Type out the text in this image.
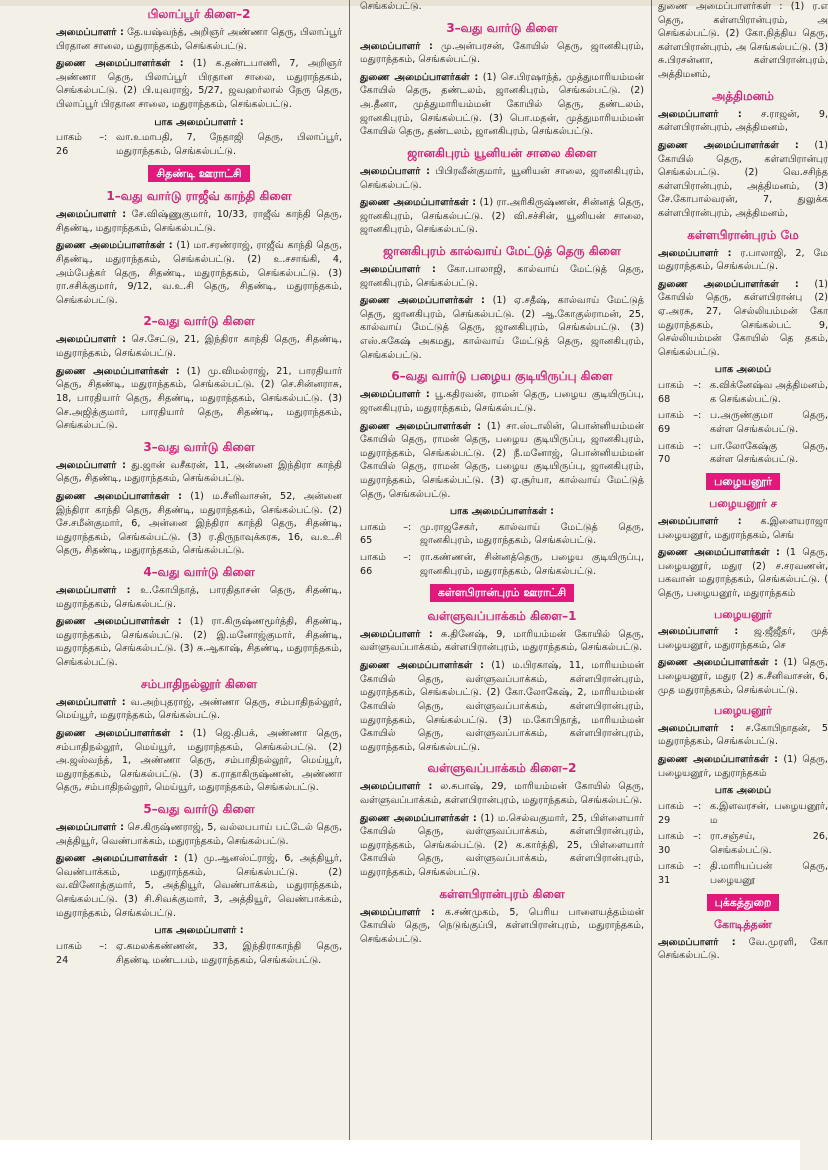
பிலாப்பூர் கிளை–2

அமைப்பாளர் : தே.யஷ்வந்த், அறிஞர் அண்ணா தெரு, பிலாப்பூர் பிரதான சாலை, மதுராந்தகம், செங்கல்பட்டு.

துணை அமைப்பாளர்கள் : (1) க.தண்டபாணி, 7, அறிஞர் அண்ணா தெரு, பிலாப்பூர் பிரதான சாலை, மதுராந்தகம், செங்கல்பட்டு. (2) பி.யுவராஜ், 5/27, ஜவஹர்லால் நேரு தெரு, பிலாப்பூர் பிரதான சாலை, மதுராந்தகம், செங்கல்பட்டு.

பாக அமைப்பாளர் :
பாகம் – 26
: வா.உமாபதி, 7, நேதாஜி தெரு, பிலாப்பூர், மதுராந்தகம், செங்கல்பட்டு.
சிதண்டி ஊராட்சி
1–வது வார்டு ராஜீவ் காந்தி கிளை

அமைப்பாளர் : சே.விஷ்ணுகுமார், 10/33, ராஜீவ் காந்தி தெரு, சிதண்டி, மதுராந்தகம், செங்கல்பட்டு.

துணை அமைப்பாளர்கள் : (1) மா.சரண்ராஜ், ராஜீவ் காந்தி தெரு, சிதண்டி, மதுராந்தகம், செங்கல்பட்டு. (2) உ.சசாங்கி, 4, அம்பேத்கர் தெரு, சிதண்டி, மதுராந்தகம், செங்கல்பட்டு. (3) ரா.சசிக்குமார், 9/12, வ.உ.சி தெரு, சிதண்டி, மதுராந்தகம், செங்கல்பட்டு.

2–வது வார்டு கிளை

அமைப்பாளர் : செ.சேட்டு, 21, இந்திரா காந்தி தெரு, சிதண்டி, மதுராந்தகம், செங்கல்பட்டு.

துணை அமைப்பாளர்கள் : (1) மு.விமல்ராஜ், 21, பாரதியார் தெரு, சிதண்டி, மதுராந்தகம், செங்கல்பட்டு. (2) செ.சின்னராசு, 18, பாரதியார் தெரு, சிதண்டி, மதுராந்தகம், செங்கல்பட்டு. (3) செ.அஜித்குமார், பாரதியார் தெரு, சிதண்டி, மதுராந்தகம், செங்கல்பட்டு.

3–வது வார்டு கிளை

அமைப்பாளர் : து.ஜான் வசீகரன், 11, அன்னை இந்திரா காந்தி தெரு, சிதண்டி, மதுராந்தகம், செங்கல்பட்டு.

துணை அமைப்பாளர்கள் : (1) ம.சீனிவாசன், 52, அன்னை இந்திரா காந்தி தெரு, சிதண்டி, மதுராந்தகம், செங்கல்பட்டு. (2) சே.சமீன்குமார், 6, அன்னை இந்திரா காந்தி தெரு, சிதண்டி, மதுராந்தகம், செங்கல்பட்டு. (3) ர.திருநாவுக்கரசு, 16, வ.உ.சி தெரு, சிதண்டி, மதுராந்தகம், செங்கல்பட்டு.

4–வது வார்டு கிளை

அமைப்பாளர் : உ.கோபிநாத், பாரதிதாசன் தெரு, சிதண்டி, மதுராந்தகம், செங்கல்பட்டு.

துணை அமைப்பாளர்கள் : (1) ரா.கிருஷ்ணமூர்த்தி, சிதண்டி, மதுராந்தகம், செங்கல்பட்டு. (2) இ.மனோஜ்குமார், சிதண்டி, மதுராந்தகம், செங்கல்பட்டு. (3) சு.ஆகாஷ், சிதண்டி, மதுராந்தகம், செங்கல்பட்டு.

சம்பாதிநல்லூர் கிளை

அமைப்பாளர் : வ.அற்புதராஜ், அண்ணா தெரு, சம்பாதிநல்லூர், மெய்யூர், மதுராந்தகம், செங்கல்பட்டு.

துணை அமைப்பாளர்கள் : (1) ஜெ.திபக், அண்ணா தெரு, சம்பாதிநல்லூர், மெய்யூர், மதுராந்தகம், செங்கல்பட்டு. (2) அ.ஜஸ்வந்த், 1, அண்ணா தெரு, சம்பாதிநல்லூர், மெய்யூர், மதுராந்தகம், செங்கல்பட்டு. (3) க.ராதாகிருஷ்ணன், அண்ணா தெரு, சம்பாதிநல்லூர், மெய்யூர், மதுராந்தகம், செங்கல்பட்டு.

5–வது வார்டு கிளை

அமைப்பாளர் : செ.கிருஷ்ணராஜ், 5, வல்லபபாய் பட்டேல் தெரு, அத்தியூர், வெண்பாக்கம், மதுராந்தகம், செங்கல்பட்டு.

துணை அமைப்பாளர்கள் : (1) மு.ஆனஸ்ட்ராஜ், 6, அத்தியூர், வெண்பாக்கம், மதுராந்தகம், செங்கல்பட்டு. (2) வ.வினோத்குமார், 5, அத்தியூர், வெண்பாக்கம், மதுராந்தகம், செங்கல்பட்டு. (3) சி.சிவக்குமார், 3, அத்தியூர், வெண்பாக்கம், மதுராந்தகம், செங்கல்பட்டு.

பாக அமைப்பாளர் :
பாகம் – 24
: ஏ.கமலக்கண்ணன், 33, இந்திராகாந்தி தெரு, சிதண்டி மண்டபம், மதுராந்தகம், செங்கல்பட்டு.

செங்கல்பட்டு.

3–வது வார்டு கிளை

அமைப்பாளர் : மு.அன்பரசன், கோயில் தெரு, ஜானகிபுரம், மதுராந்தகம், செங்கல்பட்டு.

துணை அமைப்பாளர்கள் : (1) செ.பிரஷாந்த், முத்துமாரியம்மன் கோயில் தெரு, தண்டலம், ஜானகிபுரம், செங்கல்பட்டு. (2) அ.தீனா, முத்துமாரியம்மன் கோயில் தெரு, தண்டலம், ஜானகிபுரம், செங்கல்பட்டு. (3) பொ.மதன், முத்துமாரியம்மன் கோயில் தெரு, தண்டலம், ஜானகிபுரம், செங்கல்பட்டு.

ஜானகிபுரம் யூனியன் சாலை கிளை

அமைப்பாளர் : பிபிரவீன்குமார், யூனியன் சாலை, ஜானகிபுரம், செங்கல்பட்டு.

துணை அமைப்பாளர்கள் : (1) ரா.அரிகிருஷ்ணன், சின்னத் தெரு, ஜானகிபுரம், செங்கல்பட்டு. (2) வி.சச்சின், யூனியன் சாலை, ஜானகிபுரம், செங்கல்பட்டு.

ஜானகிபுரம் கால்வாய் மேட்டுத் தெரு கிளை

அமைப்பாளர் : கோ.பாலாஜி, கால்வாய் மேட்டுத் தெரு, ஜானகிபுரம், செங்கல்பட்டு.

துணை அமைப்பாளர்கள் : (1) ஏ.சதீஷ், கால்வாய் மேட்டுத் தெரு, ஜானகிபுரம், செங்கல்பட்டு. (2) ஆ.கோகுல்ராமன், 25, கால்வாய் மேட்டுத் தெரு, ஜானகிபுரம், செங்கல்பட்டு. (3) எஸ்.சுகேஷ் அகமது, கால்வாய் மேட்டுத் தெரு, ஜானகிபுரம், செங்கல்பட்டு.

6–வது வார்டு பழைய குடியிருப்பு கிளை

அமைப்பாளர் : பூ.கதிரவன், ராமன் தெரு, பழைய குடியிருப்பு, ஜானகிபுரம், மதுராந்தகம், செங்கல்பட்டு.

துணை அமைப்பாளர்கள் : (1) சா.ஸ்டாலின், பொன்னியம்மன் கோயில் தெரு, ராமன் தெரு, பழைய குடியிருப்பு, ஜானகிபுரம், மதுராந்தகம், செங்கல்பட்டு. (2) நீ.மனோஜ், பொன்னியம்மன் கோயில் தெரு, ராமன் தெரு, பழைய குடியிருப்பு, ஜானகிபுரம், மதுராந்தகம், செங்கல்பட்டு. (3) ஏ.சூர்யா, கால்வாய் மேட்டுத் தெரு, செங்கல்பட்டு.

பாக அமைப்பாளர்கள் :
பாகம் – 65
: மு.ராஜசேகர், கால்வாய் மேட்டுத் தெரு, ஜானகிபுரம், மதுராந்தகம், செங்கல்பட்டு.
பாகம் – 66
: ரா.கண்ணன், சின்னத்தெரு, பழைய குடியிருப்பு, ஜானகிபுரம், மதுராந்தகம், செங்கல்பட்டு.
கள்ளபிரான்புரம் ஊராட்சி
வள்ளுவப்பாக்கம் கிளை–1

அமைப்பாளர் : சு.தினேஷ், 9, மாரியம்மன் கோயில் தெரு, வள்ளுவப்பாக்கம், கள்ளபிரான்புரம், மதுராந்தகம், செங்கல்பட்டு.

துணை அமைப்பாளர்கள் : (1) ம.பிரகாஷ், 11, மாரியம்மன் கோயில் தெரு, வள்ளுவப்பாக்கம், கள்ளபிரான்புரம், மதுராந்தகம், செங்கல்பட்டு. (2) கோ.லோகேஷ், 2, மாரியம்மன் கோயில் தெரு, வள்ளுவப்பாக்கம், கள்ளபிரான்புரம், மதுராந்தகம், செங்கல்பட்டு. (3) ம.கோபிநாத், மாரியம்மன் கோயில் தெரு, வள்ளுவப்பாக்கம், கள்ளபிரான்புரம், மதுராந்தகம், செங்கல்பட்டு.

வள்ளுவப்பாக்கம் கிளை–2

அமைப்பாளர் : ல.சுபாஷ், 29, மாரியம்மன் கோயில் தெரு, வள்ளுவப்பாக்கம், கள்ளபிரான்புரம், மதுராந்தகம், செங்கல்பட்டு.

துணை அமைப்பாளர்கள் : (1) ம.செல்வகுமார், 25, பிள்ளையார் கோயில் தெரு, வள்ளுவப்பாக்கம், கள்ளபிரான்புரம், மதுராந்தகம், செங்கல்பட்டு. (2) க.கார்த்தி, 25, பிள்ளையார் கோயில் தெரு, வள்ளுவப்பாக்கம், கள்ளபிரான்புரம், மதுராந்தகம், செங்கல்பட்டு.

கள்ளபிரான்புரம் கிளை

அமைப்பாளர் : க.சண்முகம், 5, பெரிய பாளையத்தம்மன் கோயில் தெரு, நெடுங்குப்பி, கள்ளபிரான்புரம், மதுராந்தகம், செங்கல்பட்டு.

துணை அமைப்பாளர்கள் : (1) ர.எ தெரு, கள்ளபிரான்புரம், அ செங்கல்பட்டு. (2) கோ.நித்திய தெரு, கள்ளபிரான்புரம், அ செங்கல்பட்டு. (3) சு.பிரசன்னா, கள்ளபிரான்புரம், அத்திமனம்,

அத்திமனம்

அமைப்பாளர் : ச.ராஜன், 9, கள்ளபிரான்புரம், அத்திமனம்,

துணை அமைப்பாளர்கள் : (1) கோயில் தெரு, கள்ளபிரான்புர செங்கல்பட்டு. (2) வெ.சசிந்த கள்ளபிரான்புரம், அத்திமனம், (3) சே.கோபால்வரன், 7, துலுக்க கள்ளபிரான்புரம், அத்திமனம்,

கள்ளபிரான்புரம் மே

அமைப்பாளர் : ர.பாலாஜி, 2, மே மதுராந்தகம், செங்கல்பட்டு.

துணை அமைப்பாளர்கள் : (1) கோயில் தெரு, கள்ளபிரான்பு (2) ஏ.அரசு, 27, செல்லியம்மன் கோ மதுராந்தகம், செங்கல்பட் 9, செல்லியம்மன் கோயில் தெ தகம், செங்கல்பட்டு.

பாக அமைப்
பாகம் – 68
: க.விக்னேஷ்வ அத்திமனம், க செங்கல்பட்டு.
பாகம் – 69
: ப.அருண்குமா தெரு, கள்ள செங்கல்பட்டு.
பாகம் – 70
: பா.லோகேஷ்கு தெரு, கள்ள செங்கல்பட்டு.
பழையனூர்
பழையனூர் ச

அமைப்பாளர் : க.இளையராஜா பழையனூர், மதுராந்தகம், செங்

துணை அமைப்பாளர்கள் : (1 தெரு, பழையனூர், மதுர (2) ச.சரவணன், பகவான் மதுராந்தகம், செங்கல்பட்டு. ( தெரு, பழையனூர், மதுராந்தகம்

பழையனூர்

அமைப்பாளர் : ஜ.ஜீஜீதர், முத் பழையனூர், மதுராந்தகம், செ

துணை அமைப்பாளர்கள் : (1) தெரு, பழையனூர், மதுர (2) க.சீனிவாசன், 6, முத மதுராந்தகம், செங்கல்பட்டு.

பழையனூர்

அமைப்பாளர் : ச.கோபிநாதன், 5 மதுராந்தகம், செங்கல்பட்டு.

துணை அமைப்பாளர்கள் : (1) தெரு, பழையனூர், மதுராந்தகம்

பாக அமைப்
பாகம் – 29
: க.இளவரசன், பழையனூர், ம
பாகம் – 30
: ரா.சஞ்சய், 26, செங்கல்பட்டு.
பாகம் – 31
: தி.மாரியப்பன் தெரு, பழையனூ
புக்கத்துறை
கோடித்தண்

அமைப்பாளர் : வே.முரளி, கோ செங்கல்பட்டு.
